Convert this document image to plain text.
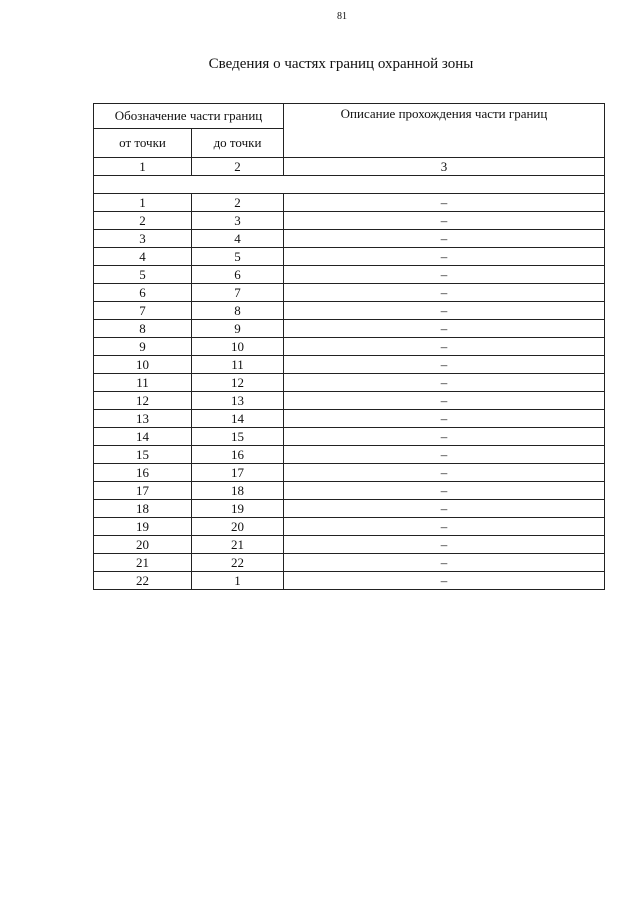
81
Сведения о частях границ охранной зоны
Обозначение части границ		Описание прохождения части границ
от точки	до точки	
1	2	3

1	2	–
2	3	–
3	4	–
4	5	–
5	6	–
6	7	–
7	8	–
8	9	–
9	10	–
10	11	–
11	12	–
12	13	–
13	14	–
14	15	–
15	16	–
16	17	–
17	18	–
18	19	–
19	20	–
20	21	–
21	22	–
22	1	–
